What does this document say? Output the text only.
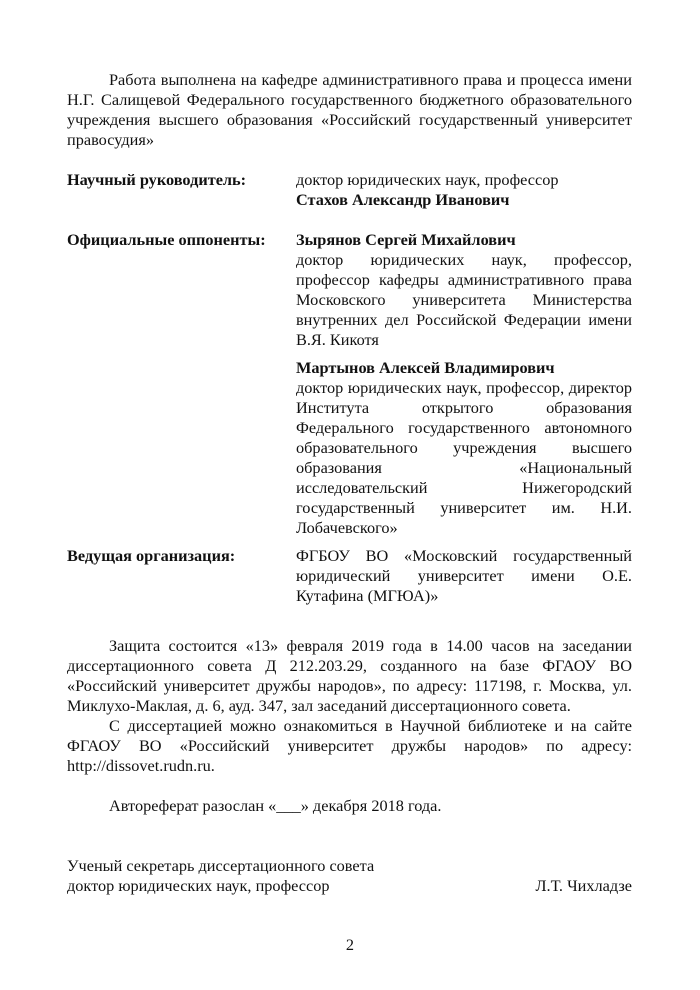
Работа выполнена на кафедре административного права и процесса имени Н.Г. Салищевой Федерального государственного бюджетного образовательного учреждения высшего образования «Российский государственный университет правосудия»

Научный руководитель:	доктор юридических наук, профессор
Стахов Александр Иванович
Официальные оппоненты: Зырянов Сергей Михайлович
доктор юридических наук, профессор, профессор кафедры административного права Московского университета Министерства внутренних дел Российской Федерации имени В.Я. Кикотя
Мартынов Алексей Владимирович
доктор юридических наук, профессор, директор Института открытого образования Федерального государственного автономного образовательного учреждения высшего образования «Национальный исследовательский Нижегородский государственный университет им. Н.И. Лобачевского»
Ведущая организация:	ФГБОУ ВО «Московский государственный юридический университет имени О.Е. Кутафина (МГЮА)»

Защита состоится «13» февраля 2019 года в 14.00 часов на заседании диссертационного совета Д 212.203.29, созданного на базе ФГАОУ ВО «Российский университет дружбы народов», по адресу: 117198, г. Москва, ул. Миклухо-Маклая, д. 6, ауд. 347, зал заседаний диссертационного совета.

С диссертацией можно ознакомиться в Научной библиотеке и на сайте ФГАОУ ВО «Российский университет дружбы народов» по адресу: http://dissovet.rudn.ru.

Автореферат разослан «___» декабря 2018 года.

Ученый секретарь диссертационного совета
доктор юридических наук, профессор	Л.Т. Чихладзе
2
